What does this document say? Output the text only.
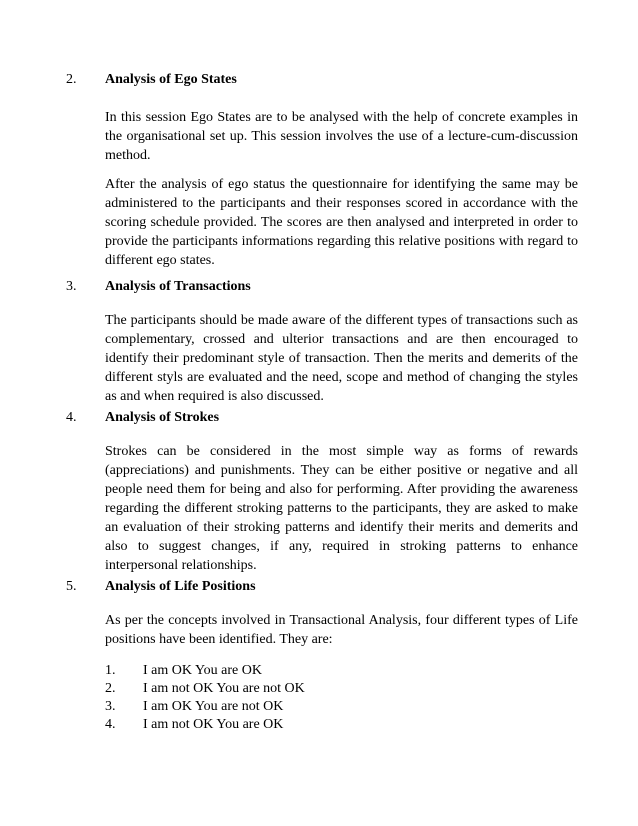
2. Analysis of Ego States

In this session Ego States are to be analysed with the help of concrete examples in the organisational set up. This session involves the use of a lecture-cum-discussion method.

After the analysis of ego status the questionnaire for identifying the same may be administered to the participants and their responses scored in accordance with the scoring schedule provided. The scores are then analysed and interpreted in order to provide the participants informations regarding this relative positions with regard to different ego states.

3. Analysis of Transactions

The participants should be made aware of the different types of transactions such as complementary, crossed and ulterior transactions and are then encouraged to identify their predominant style of transaction. Then the merits and demerits of the different styls are evaluated and the need, scope and method of changing the styles as and when required is also discussed.

4. Analysis of Strokes

Strokes can be considered in the most simple way as forms of rewards (appreciations) and punishments. They can be either positive or negative and all people need them for being and also for performing. After providing the awareness regarding the different stroking patterns to the participants, they are asked to make an evaluation of their stroking patterns and identify their merits and demerits and also to suggest changes, if any, required in stroking patterns to enhance interpersonal relationships.

5. Analysis of Life Positions

As per the concepts involved in Transactional Analysis, four different types of Life positions have been identified. They are:

1. I am OK You are OK
2. I am not OK You are not OK
3. I am OK You are not OK
4. I am not OK You are OK
